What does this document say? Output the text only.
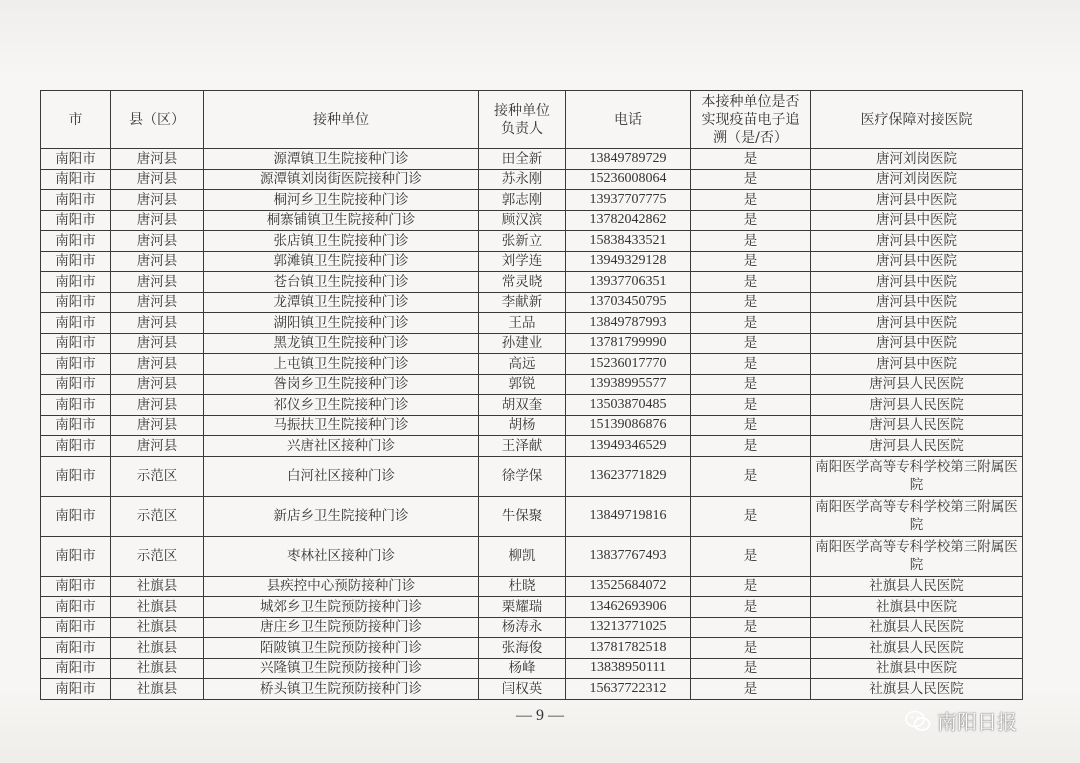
市	县（区）	接种单位	接种单位负责人	电话	本接种单位是否实现疫苗电子追溯（是/否）	医疗保障对接医院
南阳市	唐河县	源潭镇卫生院接种门诊	田全新	13849789729	是	唐河刘岗医院
南阳市	唐河县	源潭镇刘岗街医院接种门诊	苏永刚	15236008064	是	唐河刘岗医院
南阳市	唐河县	桐河乡卫生院接种门诊	郭志刚	13937707775	是	唐河县中医院
南阳市	唐河县	桐寨铺镇卫生院接种门诊	顾汉滨	13782042862	是	唐河县中医院
南阳市	唐河县	张店镇卫生院接种门诊	张新立	15838433521	是	唐河县中医院
南阳市	唐河县	郭滩镇卫生院接种门诊	刘学连	13949329128	是	唐河县中医院
南阳市	唐河县	苍台镇卫生院接种门诊	常灵晓	13937706351	是	唐河县中医院
南阳市	唐河县	龙潭镇卫生院接种门诊	李献新	13703450795	是	唐河县中医院
南阳市	唐河县	湖阳镇卫生院接种门诊	王品	13849787993	是	唐河县中医院
南阳市	唐河县	黑龙镇卫生院接种门诊	孙建业	13781799990	是	唐河县中医院
南阳市	唐河县	上屯镇卫生院接种门诊	高远	15236017770	是	唐河县中医院
南阳市	唐河县	昝岗乡卫生院接种门诊	郭锐	13938995577	是	唐河县人民医院
南阳市	唐河县	祁仪乡卫生院接种门诊	胡双奎	13503870485	是	唐河县人民医院
南阳市	唐河县	马振扶卫生院接种门诊	胡杨	15139086876	是	唐河县人民医院
南阳市	唐河县	兴唐社区接种门诊	王泽献	13949346529	是	唐河县人民医院
南阳市	示范区	白河社区接种门诊	徐学保	13623771829	是	南阳医学高等专科学校第三附属医院
南阳市	示范区	新店乡卫生院接种门诊	牛保聚	13849719816	是	南阳医学高等专科学校第三附属医院
南阳市	示范区	枣林社区接种门诊	柳凯	13837767493	是	南阳医学高等专科学校第三附属医院
南阳市	社旗县	县疾控中心预防接种门诊	杜晓	13525684072	是	社旗县人民医院
南阳市	社旗县	城郊乡卫生院预防接种门诊	栗耀瑞	13462693906	是	社旗县中医院
南阳市	社旗县	唐庄乡卫生院预防接种门诊	杨涛永	13213771025	是	社旗县人民医院
南阳市	社旗县	陌陂镇卫生院预防接种门诊	张海俊	13781782518	是	社旗县人民医院
南阳市	社旗县	兴隆镇卫生院预防接种门诊	杨峰	13838950111	是	社旗县中医院
南阳市	社旗县	桥头镇卫生院预防接种门诊	闫权英	15637722312	是	社旗县人民医院
— 9 —	南阳日报
